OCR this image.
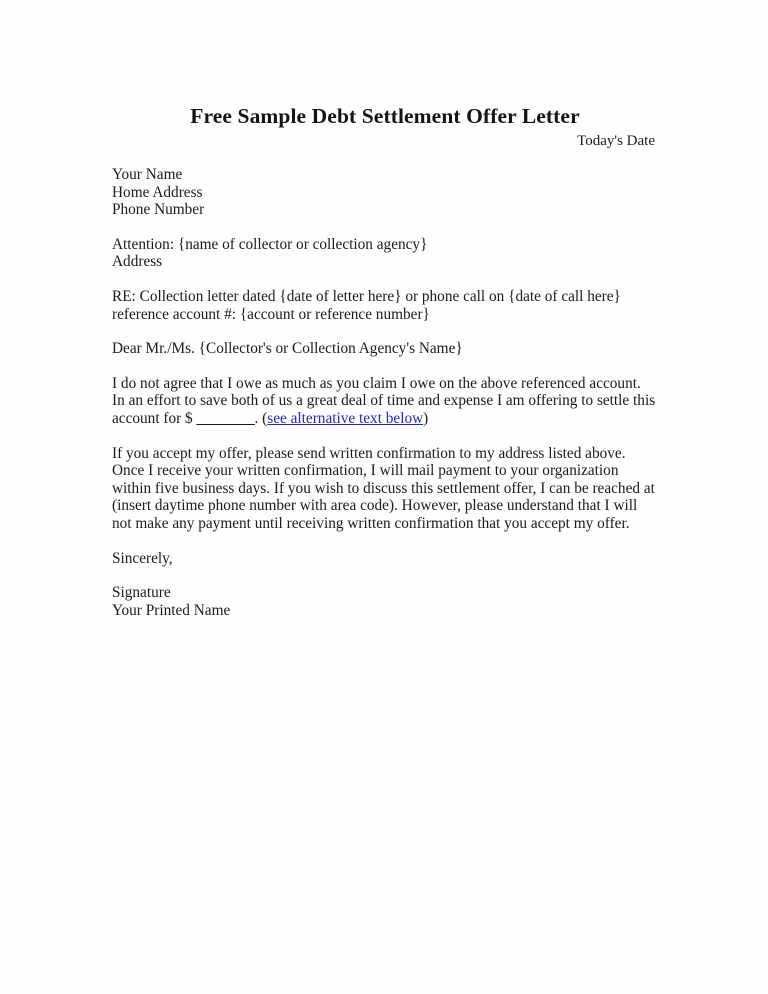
Free Sample Debt Settlement Offer Letter
Today's Date
Your Name
Home Address
Phone Number
Attention: {name of collector or collection agency}
Address
RE: Collection letter dated {date of letter here} or phone call on {date of call here}
reference account #: {account or reference number}
Dear Mr./Ms. {Collector's or Collection Agency's Name}

I do not agree that I owe as much as you claim I owe on the above referenced account. In an effort to save both of us a great deal of time and expense I am offering to settle this account for $ ________. (see alternative text below)

If you accept my offer, please send written confirmation to my address listed above. Once I receive your written confirmation, I will mail payment to your organization within five business days. If you wish to discuss this settlement offer, I can be reached at (insert daytime phone number with area code). However, please understand that I will not make any payment until receiving written confirmation that you accept my offer.

Sincerely,
Signature
Your Printed Name
